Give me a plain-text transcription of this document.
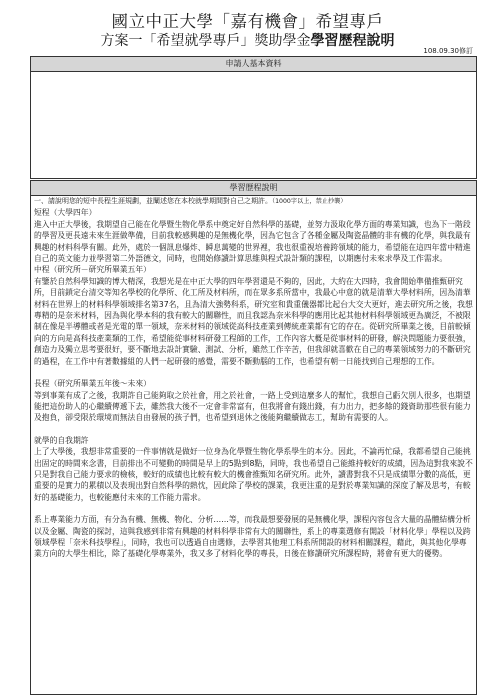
國立中正大學「嘉有機會」希望專戶
方案一「希望就學專戶」獎助學金學習歷程說明
108.09.30修訂
申請人基本資料
學習歷程說明

一、請說明您的短中長程生涯規劃，並闡述您在本校就學期間對自己之期許。（1000字以上，禁止抄襲）

短程（大學四年）

進入中正大學後，我期望自己能在化學暨生物化學系中奠定好自然科學的基礎，並努力汲取化學方面的專業知識，也為下一階段的學習及更長遠未來生涯做準備，目前我較感興趣的是無機化學，因為它包含了各種金屬及陶瓷晶體的非有機的化學，與我最有興趣的材料科學有關。此外，處於一個訊息爆炸、瞬息萬變的世界裡，我也很重視培養跨領域的能力，希望能在這四年當中精進自己的英文能力並學習第二外語德文，同時，也開始修讀計算思維與程式設計類的課程，以期應付未來求學及工作需求。

中程（研究所－研究所畢業五年）

有鑒於自然科學知識的博大精深，我想光是在中正大學的四年學習還是不夠的，因此，大約在大四時，我會開始準備推甄研究所，目前鎖定台清交等知名學校的化學所、化工所及材料所，而在眾多系所當中，我最心中意的就是清華大學材料所，因為清華材料在世界上的材料科學領域排名第37名，且為清大強勢科系，研究室和貴重儀器都比起台大交大更好，進去研究所之後，我想專精的是奈米材料，因為與化學本科的我有較大的關聯性，而且我認為奈米科學的應用比起其他材料科學領域更為廣泛，不被限制在像是半導體或者是光電的單一領域，奈米材料的領域從高科技產業到傳統產業都有它的存在。從研究所畢業之後，目前較傾向的方向是高科技產業類的工作，希望能從事材料研發工程師的工作，工作內容大概是從事材料的研發，解決問題能力要很強，創造力及獨立思考要很好，要不斷地去設計實驗、測試、分析，雖然工作辛苦，但我卻就喜歡在自己的專業領域努力的不斷研究的過程，在工作中有著數據組的人們一起研發的感覺，需要不斷動腦的工作，也希望有朝一日能找到自己理想的工作。

長程（研究所畢業五年後～未來）

等到事業有成了之後，我期許自己能夠取之於社會，用之於社會，一路上受到這麼多人的幫忙，我想自己虧欠別人很多，也期望能把這份助人的心繼續傳遞下去，雖然我大後不一定會非常富有，但我將會有錢出錢，有力出力，把多餘的錢資助那些很有能力及抱負，卻受限於環境而無法自由發展的孩子們，也希望到退休之後能夠繼續做志工，幫助有需要的人。

就學的自我期許

上了大學後，我想非常重要的一件事情就是做好一位身為化學暨生物化學系學生的本分。因此，不論再忙碌，我都希望自己能挑出固定的時間來念書，目前排出不可變動的時間是早上的5點到8點，同時，我也希望自己能維持較好的成績，因為這對我來說不只是對我自己能力要求的檢核，較好的成績也比較有較大的機會推甄知名研究所。此外，讀書對我不只是成績單分數的高低，更重要的是實力的累積以及表現出對自然科學的熱忱，因此除了學校的課業，我更注重的是對於專業知識的深度了解及思考，有較好的基礎能力，也較能應付未來的工作能力需求。

系上專業能力方面，有分為有機、無機、物化、分析……等，而我最想要發展的是無機化學，課程內容包含大量的晶體結構分析以及金屬、陶瓷的探討，這與我感到非常有興趣的材料科學非常有大的關聯性，系上的專業選修有開設「材料化學」學程以及跨領域學程「奈米科技學程」，同時，我也可以透過自由選修，去學習其他理工科系所開設的材料相關課程，藉此，與其他化學專業方向的大學生相比，除了基礎化學專業外，我又多了材料化學的專長，日後在修讀研究所課程時，將會有更大的優勢。
